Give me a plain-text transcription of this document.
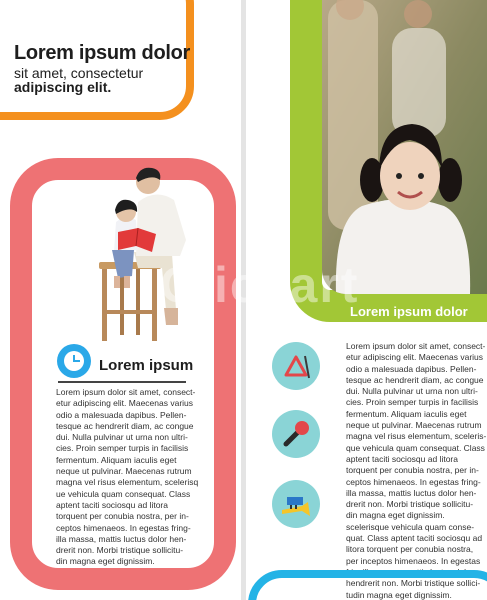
Lorem ipsum dolor
sit amet, consectetur
adipiscing elit.
Lorem ipsum
Lorem ipsum dolor sit amet, consect-
etur adipiscing elit. Maecenas varius
odio a malesuada dapibus. Pellen-
tesque ac hendrerit diam, ac congue
dui. Nulla pulvinar ut urna non ultri-
cies. Proin semper turpis in facilisis
fermentum. Aliquam iaculis eget
neque ut pulvinar. Maecenas rutrum
magna vel risus elementum, scelerisq
ue vehicula quam consequat. Class
aptent taciti sociosqu ad litora
torquent per conubia nostra, per in-
ceptos himenaeos. In egestas fring-
illa massa, mattis luctus dolor hen-
drerit non. Morbi tristique sollicitu-
din magna eget dignissim.
Lorem ipsum dolor
Lorem ipsum dolor sit amet, consect-
etur adipiscing elit. Maecenas varius
odio a malesuada dapibus. Pellen-
tesque ac hendrerit diam, ac congue
dui. Nulla pulvinar ut urna non ultri-
cies. Proin semper turpis in facilisis
fermentum. Aliquam iaculis eget
neque ut pulvinar. Maecenas rutrum
magna vel risus elementum, sceleris-
que vehicula quam consequat. Class
aptent taciti sociosqu ad litora
torquent per conubia nostra, per in-
ceptos himenaeos. In egestas fring-
illa massa, mattis luctus dolor hen-
drerit non. Morbi tristique sollicitu-
din magna eget dignissim.
scelerisque vehicula quam conse-
quat. Class aptent taciti sociosqu ad
litora torquent per conubia nostra,
per inceptos himenaeos. In egestas
fringilla massa, mattis luctus dolor
hendrerit non. Morbi tristique sollici-
tudin magna eget dignissim.
Clickart
